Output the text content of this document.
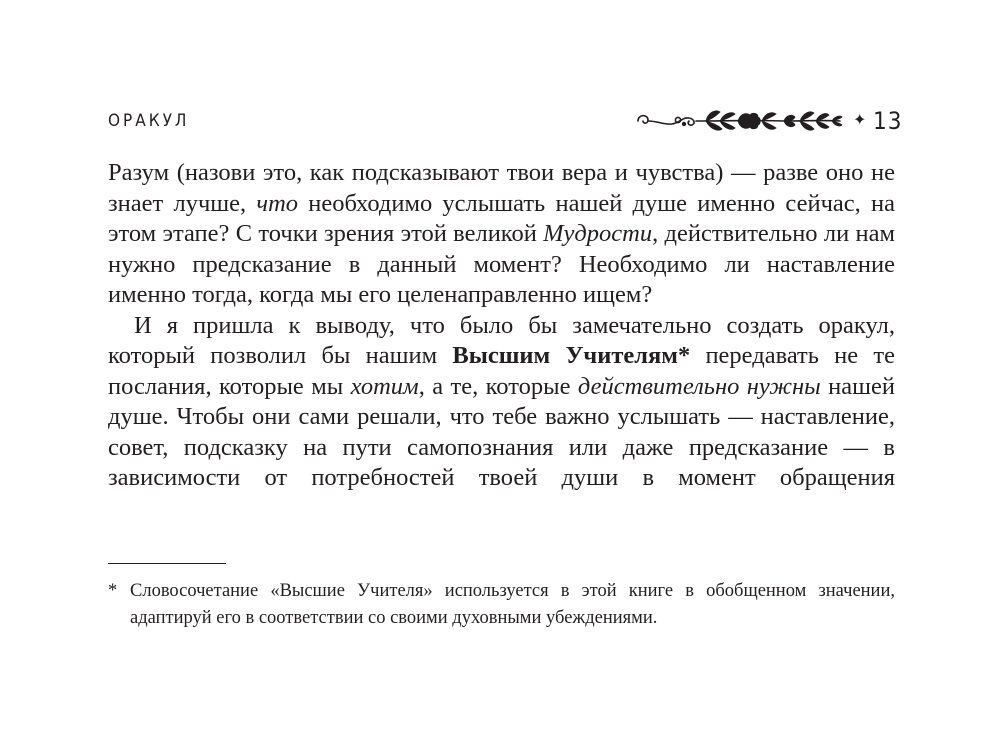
ОРАКУЛ	✦ 13

Разум (назови это, как подсказывают твои вера и чувства) — разве оно не знает лучше, что необходимо услышать нашей душе именно сейчас, на этом этапе? С точки зрения этой великой Мудрости, действительно ли нам нужно предсказание в данный момент? Необходимо ли наставление именно тогда, когда мы его целенаправленно ищем?

И я пришла к выводу, что было бы замечательно создать оракул, который позволил бы нашим Высшим Учителям* передавать не те послания, которые мы хотим, а те, которые действительно нужны нашей душе. Чтобы они сами решали, что тебе важно услышать — наставление, совет, подсказку на пути самопознания или даже предсказание — в зависимости от потребностей твоей души в момент обращения

* Словосочетание «Высшие Учителя» используется в этой книге в обобщенном значении, адаптируй его в соответствии со своими духовными убеждениями.
